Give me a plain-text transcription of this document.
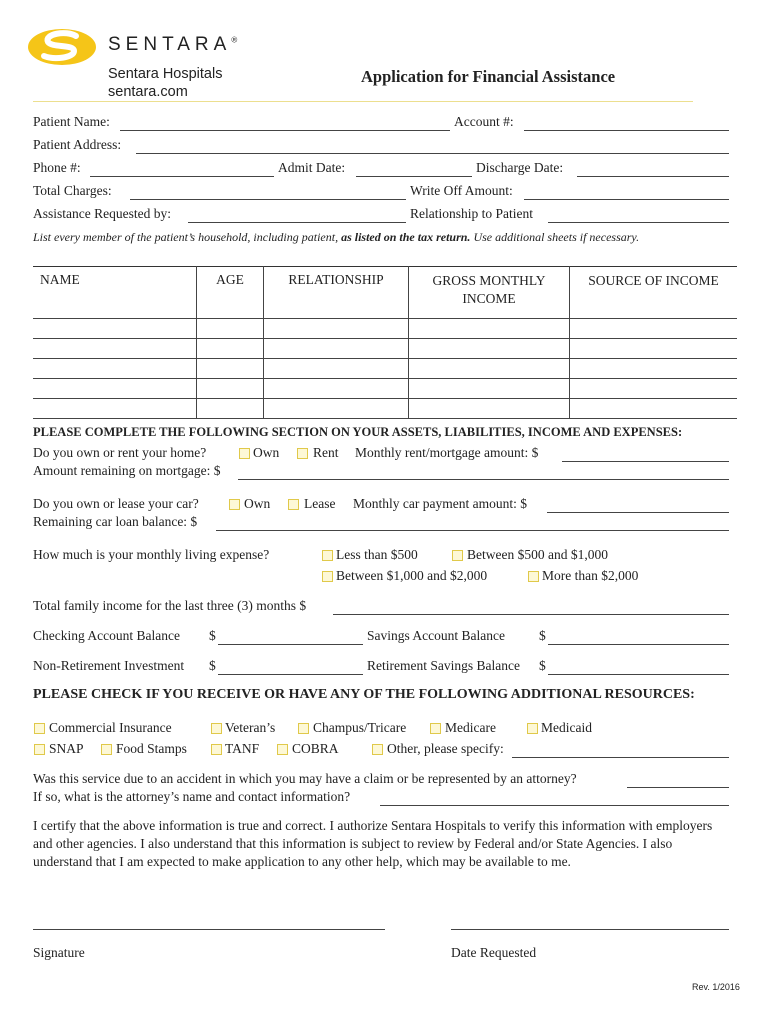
SENTARA®
Sentara Hospitals
sentara.com
Application for Financial Assistance
Patient Name:	Account #:
Patient Address:
Phone #:	Admit Date:	Discharge Date:
Total Charges:	Write Off Amount:
Assistance Requested by:	Relationship to Patient
List every member of the patient’s household, including patient, as listed on the tax return. Use additional sheets if necessary.
NAME	AGE	RELATIONSHIP	GROSS MONTHLY INCOME	SOURCE OF INCOME

PLEASE COMPLETE THE FOLLOWING SECTION ON YOUR ASSETS, LIABILITIES, INCOME AND EXPENSES:
Do you own or rent your home?	Own	Rent Monthly rent/mortgage amount: $
Amount remaining on mortgage: $
Do you own or lease your car?	Own	Lease Monthly car payment amount: $
Remaining car loan balance: $
How much is your monthly living expense?	Less than $500	Between $500 and $1,000
Between $1,000 and $2,000	More than $2,000
Total family income for the last three (3) months $
Checking Account Balance $	Savings Account Balance	$
Non-Retirement Investment $	Retirement Savings Balance $
PLEASE CHECK IF YOU RECEIVE OR HAVE ANY OF THE FOLLOWING ADDITIONAL RESOURCES:
Commercial Insurance	Veteran’s	Champus/Tricare	Medicare	Medicaid
SNAP Food Stamps	TANF COBRA	Other, please specify:
Was this service due to an accident in which you may have a claim or be represented by an attorney?
If so, what is the attorney’s name and contact information?
I certify that the above information is true and correct. I authorize Sentara Hospitals to verify this information with employers and other agencies. I also understand that this information is subject to review by Federal and/or State Agencies. I also understand that I am expected to make application to any other help, which may be available to me.
Signature	Date Requested
Rev. 1/2016
